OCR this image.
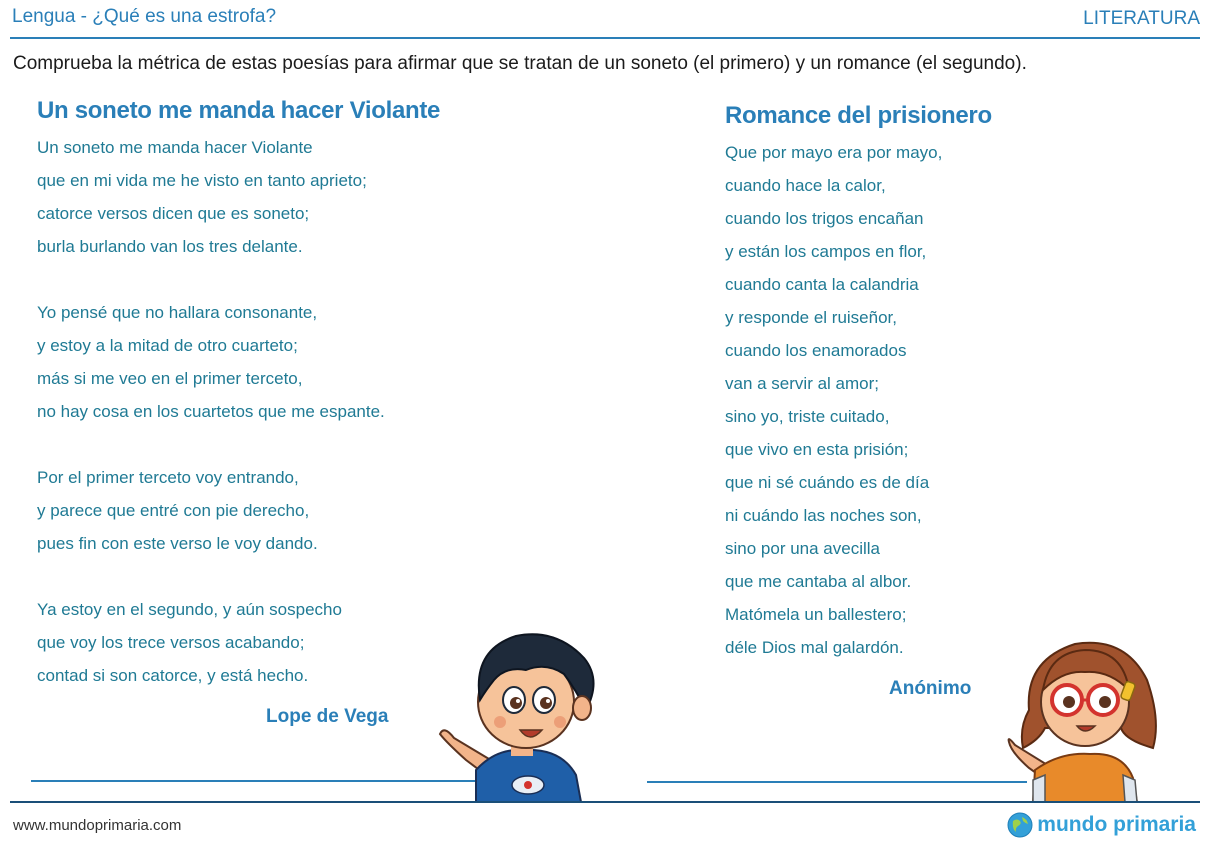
Lengua - ¿Qué es una estrofa?	LITERATURA
Comprueba la métrica de estas poesías para afirmar que se tratan de un soneto (el primero) y un romance (el segundo).
Un soneto me manda hacer Violante
Un soneto me manda hacer Violante
que en mi vida me he visto en tanto aprieto;
catorce versos dicen que es soneto;
burla burlando van los tres delante.
Yo pensé que no hallara consonante,
y estoy a la mitad de otro cuarteto;
más si me veo en el primer terceto,
no hay cosa en los cuartetos que me espante.
Por el primer terceto voy entrando,
y parece que entré con pie derecho,
pues fin con este verso le voy dando.
Ya estoy en el segundo, y aún sospecho
que voy los trece versos acabando;
contad si son catorce, y está hecho.
Lope de Vega
Romance del prisionero
Que por mayo era por mayo,
cuando hace la calor,
cuando los trigos encañan
y están los campos en flor,
cuando canta la calandria
y responde el ruiseñor,
cuando los enamorados
van a servir al amor;
sino yo, triste cuitado,
que vivo en esta prisión;
que ni sé cuándo es de día
ni cuándo las noches son,
sino por una avecilla
que me cantaba al albor.
Matómela un ballestero;
déle Dios mal galardón.
Anónimo
www.mundoprimaria.com	mundo primaria
